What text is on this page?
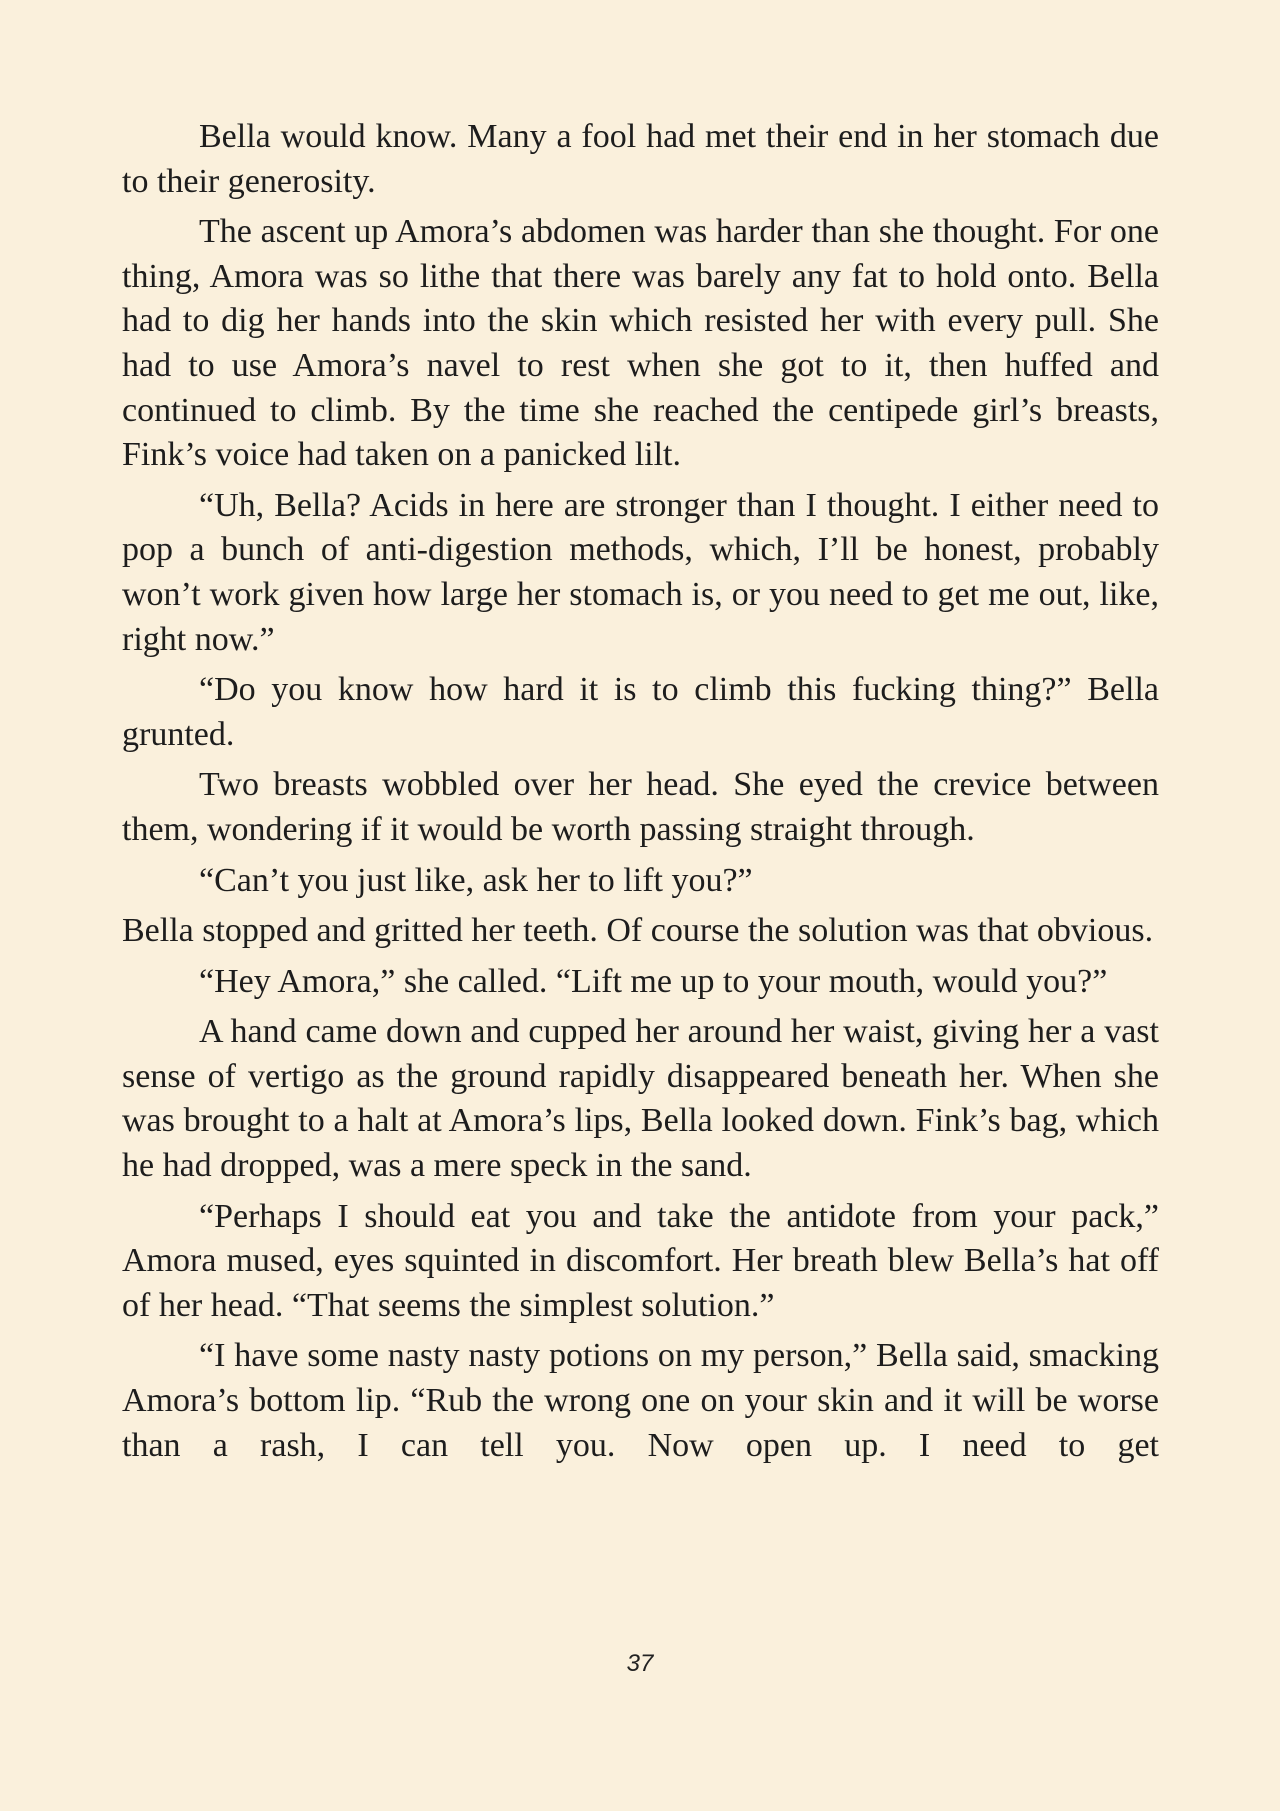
Bella would know. Many a fool had met their end in her stomach due to their generosity.

The ascent up Amora’s abdomen was harder than she thought. For one thing, Amora was so lithe that there was barely any fat to hold onto. Bella had to dig her hands into the skin which resisted her with every pull. She had to use Amora’s navel to rest when she got to it, then huffed and continued to climb. By the time she reached the centipede girl’s breasts, Fink’s voice had taken on a panicked lilt.

“Uh, Bella? Acids in here are stronger than I thought. I either need to pop a bunch of anti-digestion methods, which, I’ll be honest, probably won’t work given how large her stomach is, or you need to get me out, like, right now.”

“Do you know how hard it is to climb this fucking thing?” Bella grunted.

Two breasts wobbled over her head. She eyed the crevice between them, wondering if it would be worth passing straight through.

“Can’t you just like, ask her to lift you?”

Bella stopped and gritted her teeth. Of course the solution was that obvious.

“Hey Amora,” she called. “Lift me up to your mouth, would you?”

A hand came down and cupped her around her waist, giving her a vast sense of vertigo as the ground rapidly disappeared beneath her. When she was brought to a halt at Amora’s lips, Bella looked down. Fink’s bag, which he had dropped, was a mere speck in the sand.

“Perhaps I should eat you and take the antidote from your pack,” Amora mused, eyes squinted in discomfort. Her breath blew Bella’s hat off of her head. “That seems the simplest solution.”

“I have some nasty nasty potions on my person,” Bella said, smacking Amora’s bottom lip. “Rub the wrong one on your skin and it will be worse than a rash, I can tell you. Now open up. I need to get

37
